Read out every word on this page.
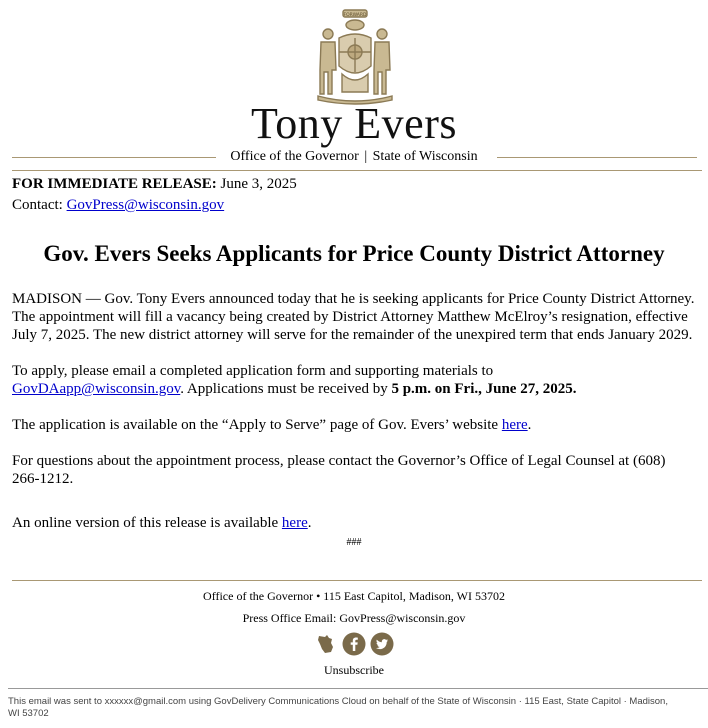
FORWARD
Tony Evers
Office of the Governor | State of Wisconsin

FOR IMMEDIATE RELEASE: June 3, 2025

Contact: GovPress@wisconsin.gov

Gov. Evers Seeks Applicants for Price County District Attorney

MADISON — Gov. Tony Evers announced today that he is seeking applicants for Price County District Attorney. The appointment will fill a vacancy being created by District Attorney Matthew McElroy’s resignation, effective July 7, 2025. The new district attorney will serve for the remainder of the unexpired term that ends January 2029.

To apply, please email a completed application form and supporting materials to
GovDAapp@wisconsin.gov. Applications must be received by 5 p.m. on Fri., June 27, 2025.

The application is available on the “Apply to Serve” page of Gov. Evers’ website here.

For questions about the appointment process, please contact the Governor’s Office of Legal Counsel at (608) 266-1212.

An online version of this release is available here.

###

Office of the Governor • 115 East Capitol, Madison, WI 53702
Press Office Email: GovPress@wisconsin.gov
Unsubscribe
This email was sent to xxxxxx@gmail.com using GovDelivery Communications Cloud on behalf of the State of Wisconsin · 115 East, State Capitol · Madison, WI 53702
